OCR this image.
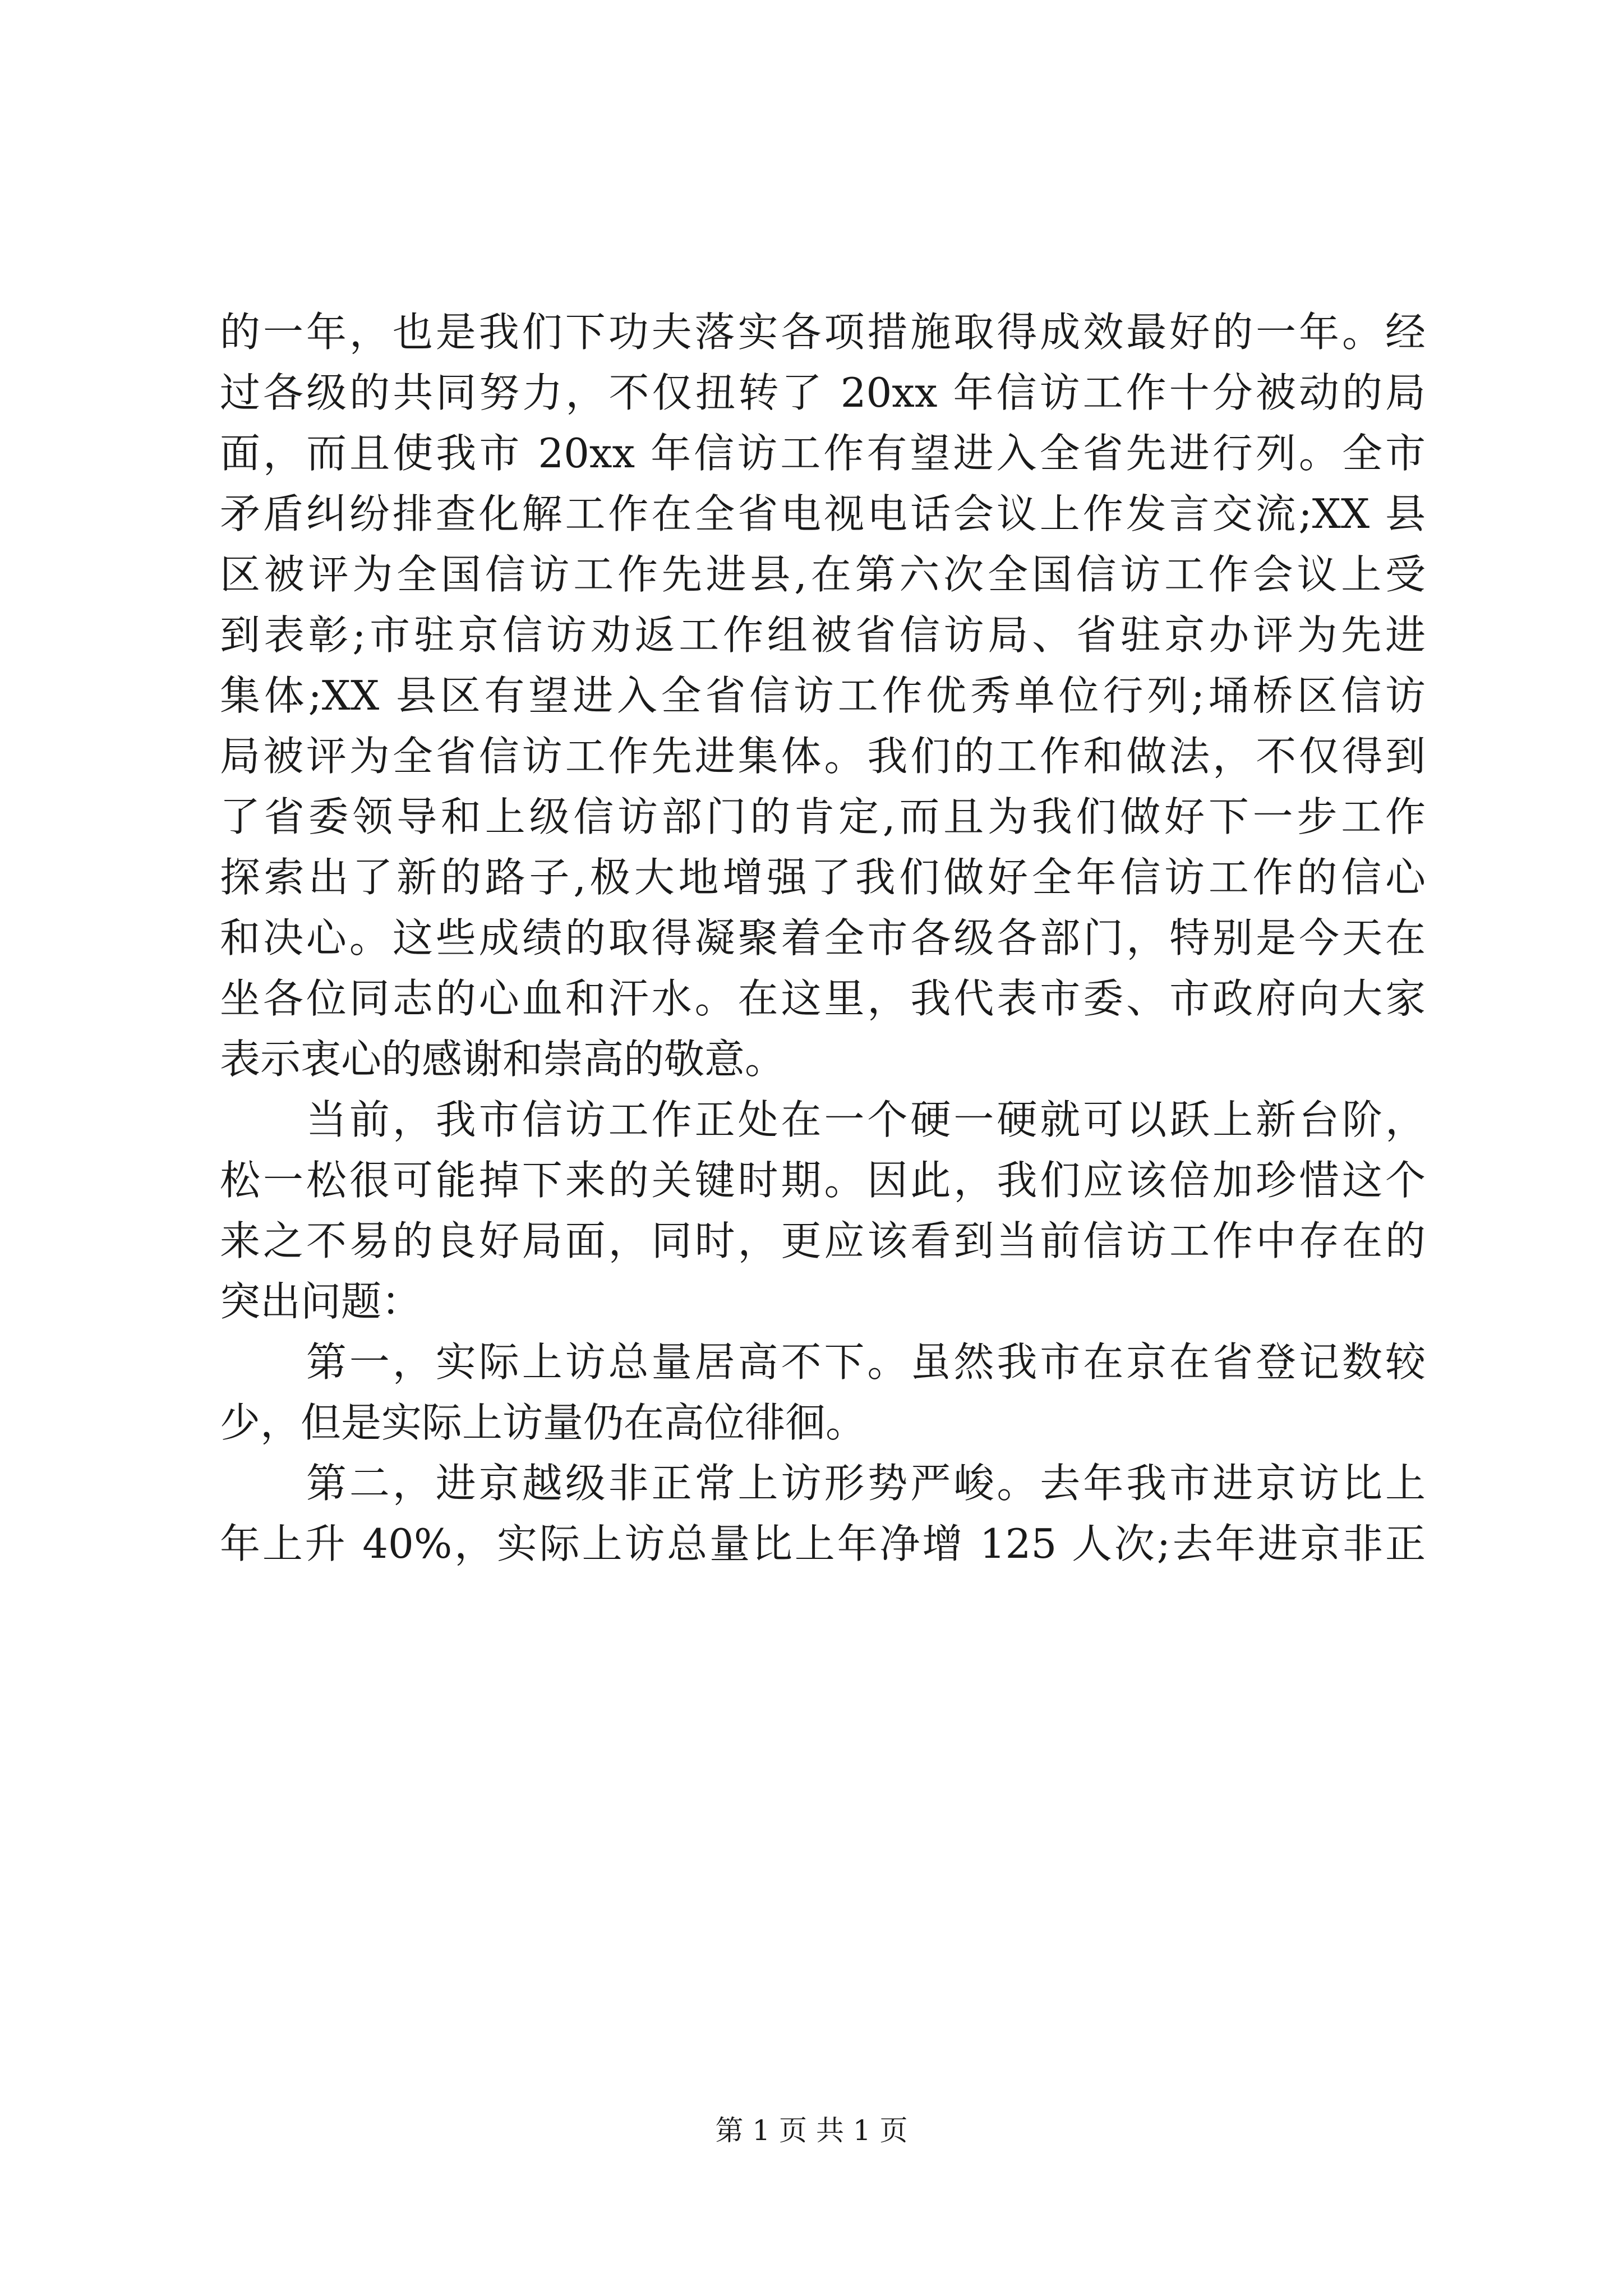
的一年，也是我们下功夫落实各项措施取得成效最好的一年。经
过各级的共同努力，不仅扭转了 20xx 年信访工作十分被动的局
面，而且使我市 20xx 年信访工作有望进入全省先进行列。全市
矛盾纠纷排查化解工作在全省电视电话会议上作发言交流;XX 县
区被评为全国信访工作先进县,在第六次全国信访工作会议上受
到表彰;市驻京信访劝返工作组被省信访局、省驻京办评为先进
集体;XX 县区有望进入全省信访工作优秀单位行列;埇桥区信访
局被评为全省信访工作先进集体。我们的工作和做法，不仅得到
了省委领导和上级信访部门的肯定,而且为我们做好下一步工作
探索出了新的路子,极大地增强了我们做好全年信访工作的信心
和决心。这些成绩的取得凝聚着全市各级各部门，特别是今天在
坐各位同志的心血和汗水。在这里，我代表市委、市政府向大家
表示衷心的感谢和崇高的敬意。
　　当前，我市信访工作正处在一个硬一硬就可以跃上新台阶，
松一松很可能掉下来的关键时期。因此，我们应该倍加珍惜这个
来之不易的良好局面，同时，更应该看到当前信访工作中存在的
突出问题：
　　第一，实际上访总量居高不下。虽然我市在京在省登记数较
少，但是实际上访量仍在高位徘徊。
　　第二，进京越级非正常上访形势严峻。去年我市进京访比上
年上升 40%，实际上访总量比上年净增 125 人次;去年进京非正
第 1 页 共 1 页
